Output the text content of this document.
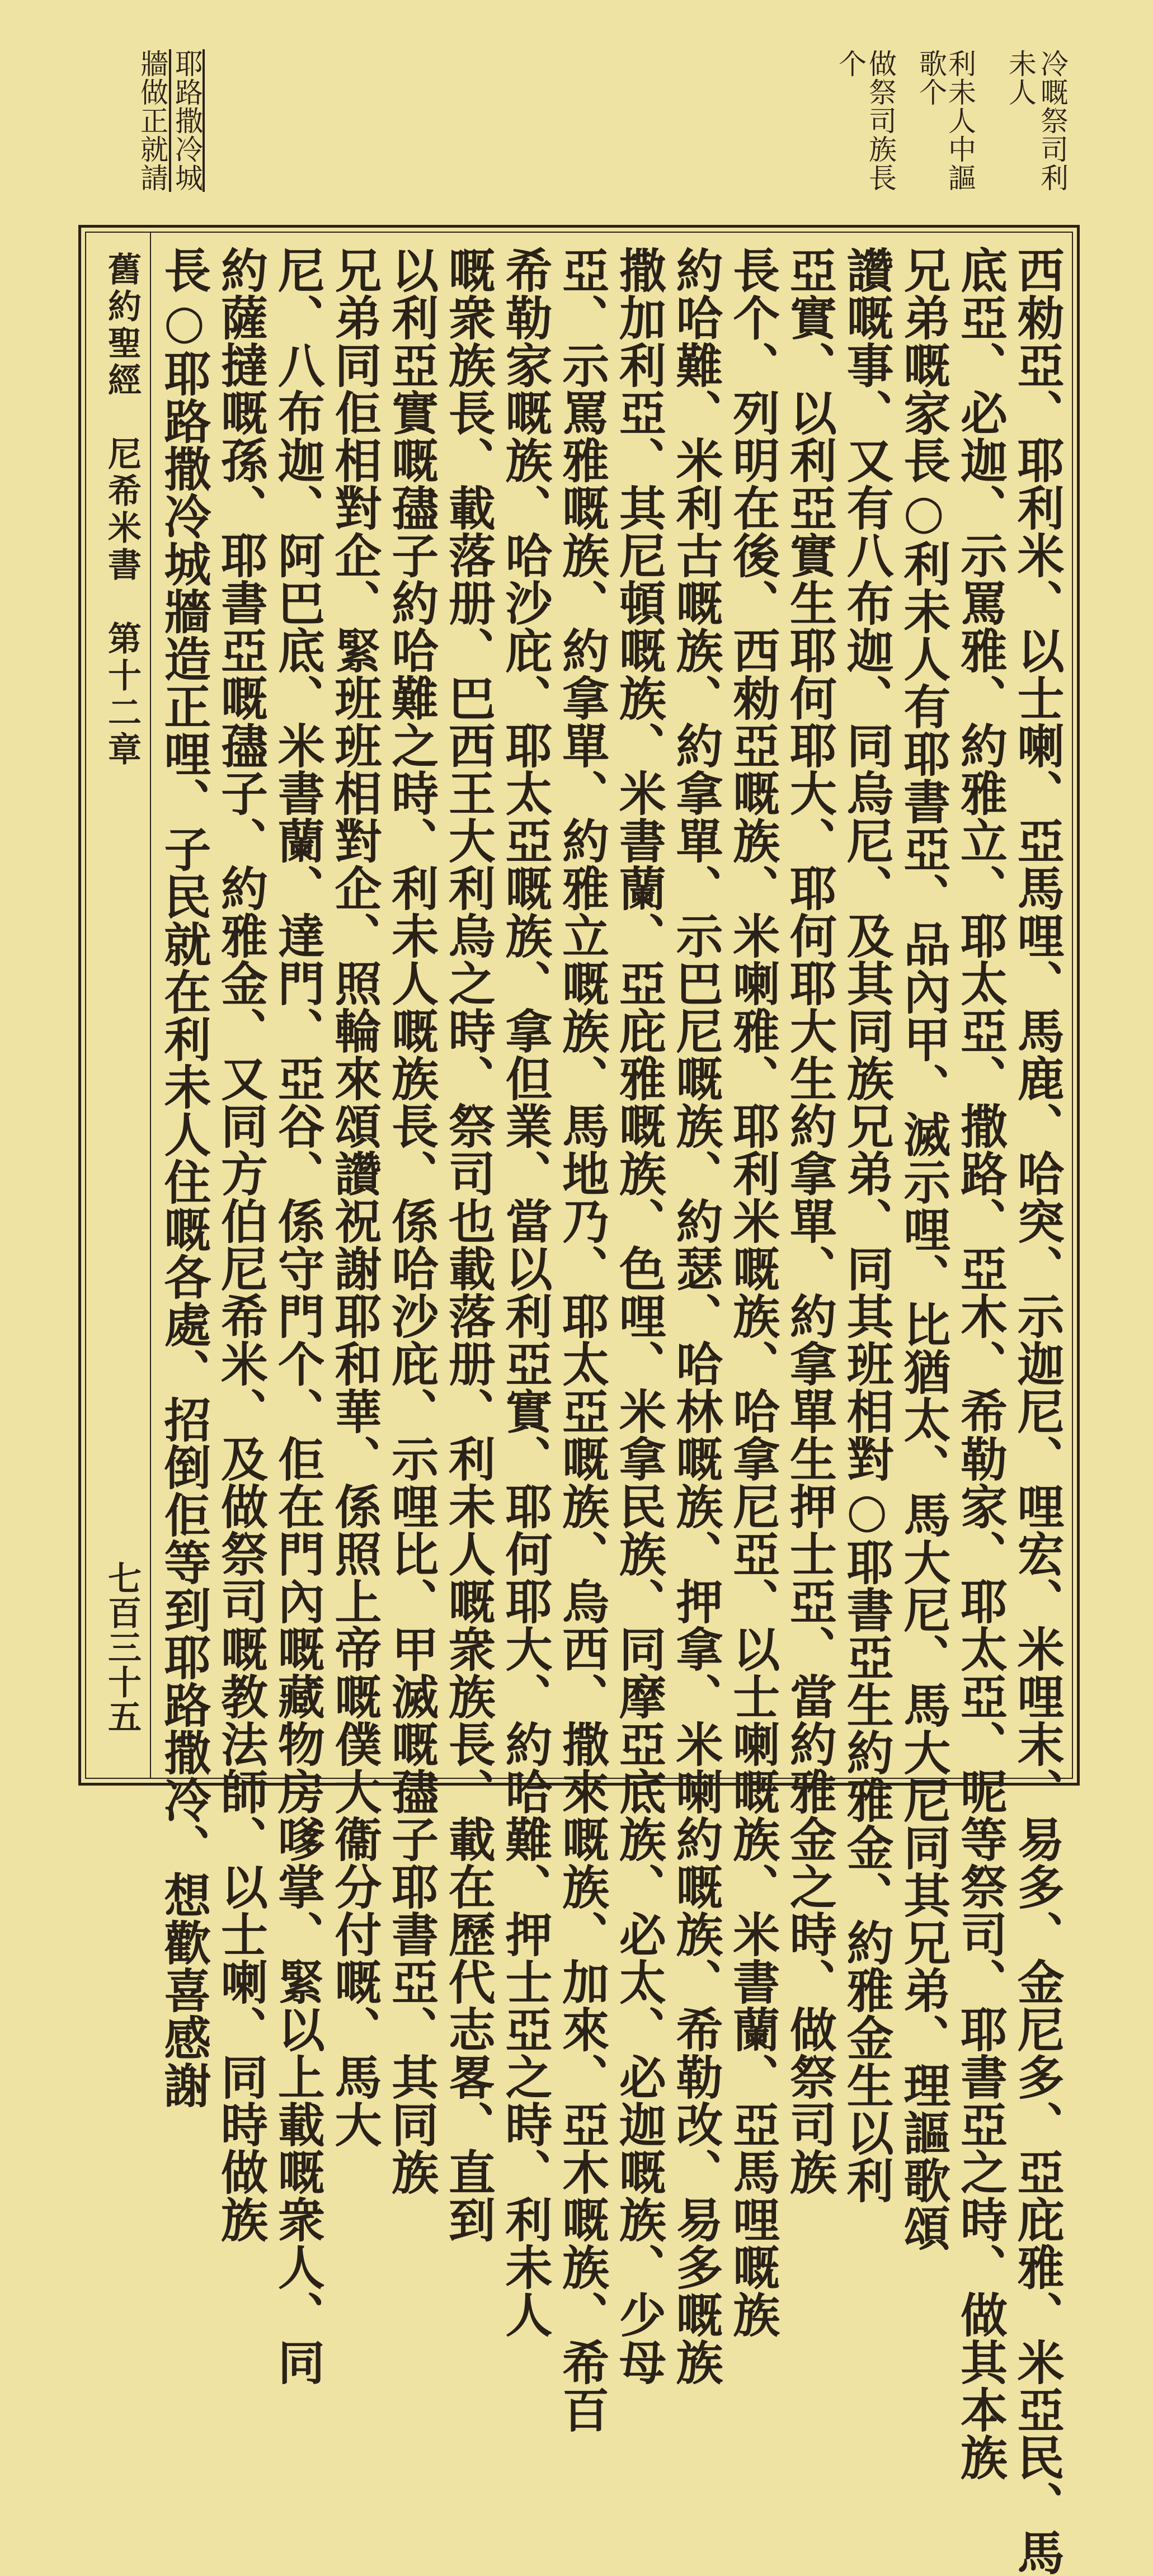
冷嘅祭司利

未人

利未人中謳

歌个

做祭司族長

个

耶路撒冷城

牆做正就請

舊約聖經　尼希米書　第十二章

七百三十五	西勑亞、耶利米、以士喇、亞馬哩、馬鹿、哈突、示迦尼、哩宏、米哩末、易多、金尼多、亞庇雅、米亞民、馬

底亞、必迦、示罵雅、約雅立、耶太亞、撒路、亞木、希勒家、耶太亞、呢等祭司、耶書亞之時、做其本族

兄弟嘅家長○利未人有耶書亞、品內甲、滅示哩、比猶太、馬大尼、馬大尼同其兄弟、理謳歌頌

讚嘅事、又有八布迦、同烏尼、及其同族兄弟、同其班相對○耶書亞生約雅金、約雅金生以利

亞實、以利亞實生耶何耶大、耶何耶大生約拿單、約拿單生押士亞、當約雅金之時、做祭司族

長个、列明在後、西勑亞嘅族、米喇雅、耶利米嘅族、哈拿尼亞、以士喇嘅族、米書蘭、亞馬哩嘅族

約哈難、米利古嘅族、約拿單、示巴尼嘅族、約瑟、哈林嘅族、押拿、米喇約嘅族、希勒改、易多嘅族

撒加利亞、其尼頓嘅族、米書蘭、亞庇雅嘅族、色哩、米拿民族、同摩亞底族、必太、必迦嘅族、少母

亞、示罵雅嘅族、約拿單、約雅立嘅族、馬地乃、耶太亞嘅族、烏西、撒來嘅族、加來、亞木嘅族、希百

希勒家嘅族、哈沙庇、耶太亞嘅族、拿但業、當以利亞實、耶何耶大、約哈難、押士亞之時、利未人

嘅衆族長、載落册、巴西王大利烏之時、祭司也載落册、利未人嘅衆族長、載在歷代志畧、直到

以利亞實嘅孻子約哈難之時、利未人嘅族長、係哈沙庇、示哩比、甲滅嘅孻子耶書亞、其同族

兄弟同佢相對企、緊班班相對企、照輪來頌讚祝謝耶和華、係照上帝嘅僕大衞分付嘅、馬大

尼、八布迦、阿巴底、米書蘭、達門、亞谷、係守門个、佢在門內嘅藏物房嗲掌、緊以上載嘅衆人、同

約薩撻嘅孫、耶書亞嘅孻子、約雅金、又同方伯尼希米、及做祭司嘅教法師、以士喇、同時做族

長○耶路撒冷城牆造正哩、子民就在利未人住嘅各處、招倒佢等到耶路撒冷、想歡喜感謝
